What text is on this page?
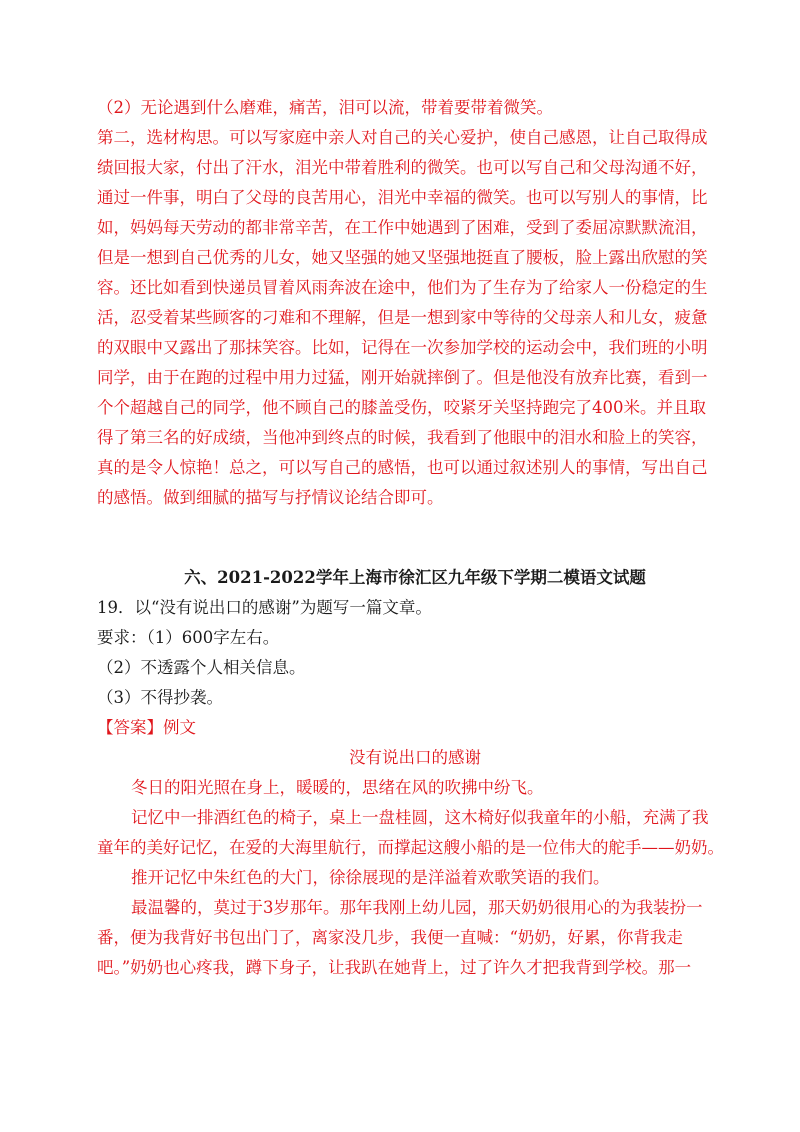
（2）无论遇到什么磨难，痛苦，泪可以流，带着要带着微笑。
第二，选材构思。可以写家庭中亲人对自己的关心爱护，使自己感恩，让自己取得成
绩回报大家，付出了汗水，泪光中带着胜利的微笑。也可以写自己和父母沟通不好，
通过一件事，明白了父母的良苦用心，泪光中幸福的微笑。也可以写别人的事情，比
如，妈妈每天劳动的都非常辛苦，在工作中她遇到了困难，受到了委屈凉默默流泪，
但是一想到自己优秀的儿女，她又坚强的她又坚强地挺直了腰板，脸上露出欣慰的笑
容。还比如看到快递员冒着风雨奔波在途中，他们为了生存为了给家人一份稳定的生
活，忍受着某些顾客的刁难和不理解，但是一想到家中等待的父母亲人和儿女，疲惫
的双眼中又露出了那抹笑容。比如，记得在一次参加学校的运动会中，我们班的小明
同学，由于在跑的过程中用力过猛，刚开始就摔倒了。但是他没有放弃比赛，看到一
个个超越自己的同学，他不顾自己的膝盖受伤，咬紧牙关坚持跑完了400米。并且取
得了第三名的好成绩，当他冲到终点的时候，我看到了他眼中的泪水和脸上的笑容，
真的是令人惊艳！总之，可以写自己的感悟，也可以通过叙述别人的事情，写出自己
的感悟。做到细腻的描写与抒情议论结合即可。
六、2021-2022学年上海市徐汇区九年级下学期二模语文试题
19．以“没有说出口的感谢”为题写一篇文章。
要求：（1）600字左右。
（2）不透露个人相关信息。
（3）不得抄袭。
【答案】例文
没有说出口的感谢
冬日的阳光照在身上，暖暖的，思绪在风的吹拂中纷飞。
记忆中一排酒红色的椅子，桌上一盘桂圆，这木椅好似我童年的小船，充满了我
童年的美好记忆，在爱的大海里航行，而撑起这艘小船的是一位伟大的舵手——奶奶。
推开记忆中朱红色的大门，徐徐展现的是洋溢着欢歌笑语的我们。
最温馨的，莫过于3岁那年。那年我刚上幼儿园，那天奶奶很用心的为我装扮一
番，便为我背好书包出门了，离家没几步，我便一直喊：“奶奶，好累，你背我走
吧。”奶奶也心疼我，蹲下身子，让我趴在她背上，过了许久才把我背到学校。那一
